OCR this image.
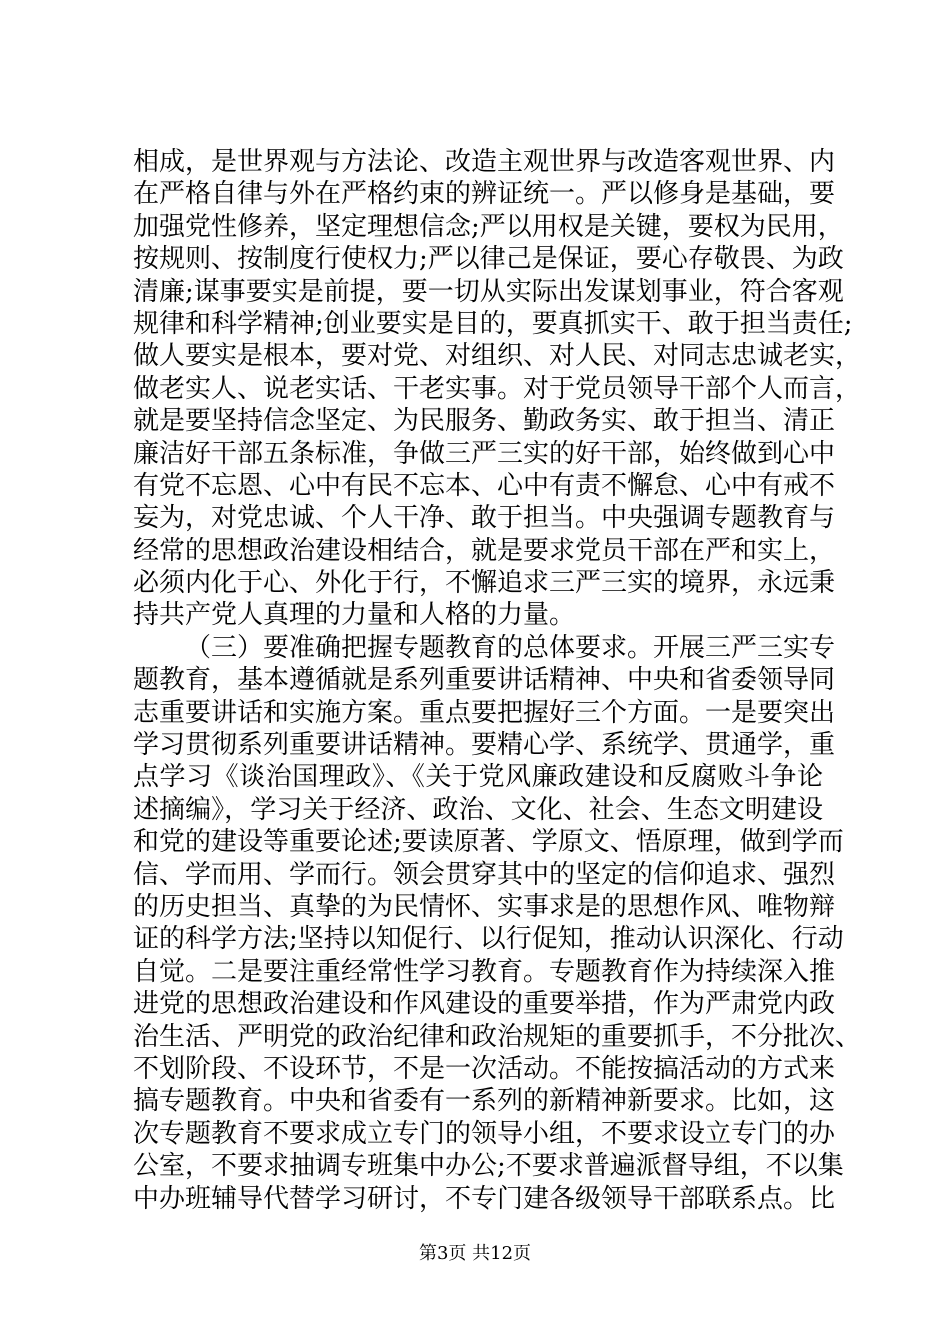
相成，是世界观与方法论、改造主观世界与改造客观世界、内
在严格自律与外在严格约束的辨证统一。严以修身是基础，要
加强党性修养，坚定理想信念;严以用权是关键，要权为民用，
按规则、按制度行使权力;严以律己是保证，要心存敬畏、为政
清廉;谋事要实是前提，要一切从实际出发谋划事业，符合客观
规律和科学精神;创业要实是目的，要真抓实干、敢于担当责任;
做人要实是根本，要对党、对组织、对人民、对同志忠诚老实，
做老实人、说老实话、干老实事。对于党员领导干部个人而言，
就是要坚持信念坚定、为民服务、勤政务实、敢于担当、清正
廉洁好干部五条标准，争做三严三实的好干部，始终做到心中
有党不忘恩、心中有民不忘本、心中有责不懈怠、心中有戒不
妄为，对党忠诚、个人干净、敢于担当。中央强调专题教育与
经常的思想政治建设相结合，就是要求党员干部在严和实上，
必须内化于心、外化于行，不懈追求三严三实的境界，永远秉
持共产党人真理的力量和人格的力量。
（三）要准确把握专题教育的总体要求。开展三严三实专
题教育，基本遵循就是系列重要讲话精神、中央和省委领导同
志重要讲话和实施方案。重点要把握好三个方面。一是要突出
学习贯彻系列重要讲话精神。要精心学、系统学、贯通学，重
点学习《谈治国理政》、《关于党风廉政建设和反腐败斗争论
述摘编》，学习关于经济、政治、文化、社会、生态文明建设
和党的建设等重要论述;要读原著、学原文、悟原理，做到学而
信、学而用、学而行。领会贯穿其中的坚定的信仰追求、强烈
的历史担当、真挚的为民情怀、实事求是的思想作风、唯物辩
证的科学方法;坚持以知促行、以行促知，推动认识深化、行动
自觉。二是要注重经常性学习教育。专题教育作为持续深入推
进党的思想政治建设和作风建设的重要举措，作为严肃党内政
治生活、严明党的政治纪律和政治规矩的重要抓手，不分批次、
不划阶段、不设环节，不是一次活动。不能按搞活动的方式来
搞专题教育。中央和省委有一系列的新精神新要求。比如，这
次专题教育不要求成立专门的领导小组，不要求设立专门的办
公室，不要求抽调专班集中办公;不要求普遍派督导组，不以集
中办班辅导代替学习研讨，不专门建各级领导干部联系点。比
第3页 共12页
